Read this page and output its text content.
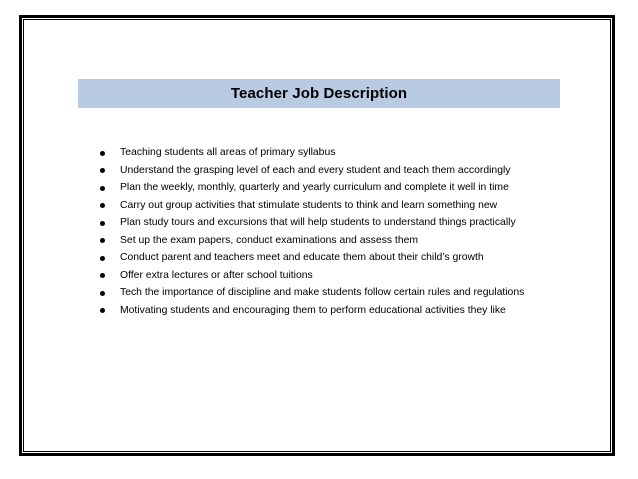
Teacher Job Description
Teaching students all areas of primary syllabus
Understand the grasping level of each and every student and teach them accordingly
Plan the weekly, monthly, quarterly and yearly curriculum and complete it well in time
Carry out group activities that stimulate students to think and learn something new
Plan study tours and excursions that will help students to understand things practically
Set up the exam papers, conduct examinations and assess them
Conduct parent and teachers meet and educate them about their child’s growth
Offer extra lectures or after school tuitions
Tech the importance of discipline and make students follow certain rules and regulations
Motivating students and encouraging them to perform educational activities they like
